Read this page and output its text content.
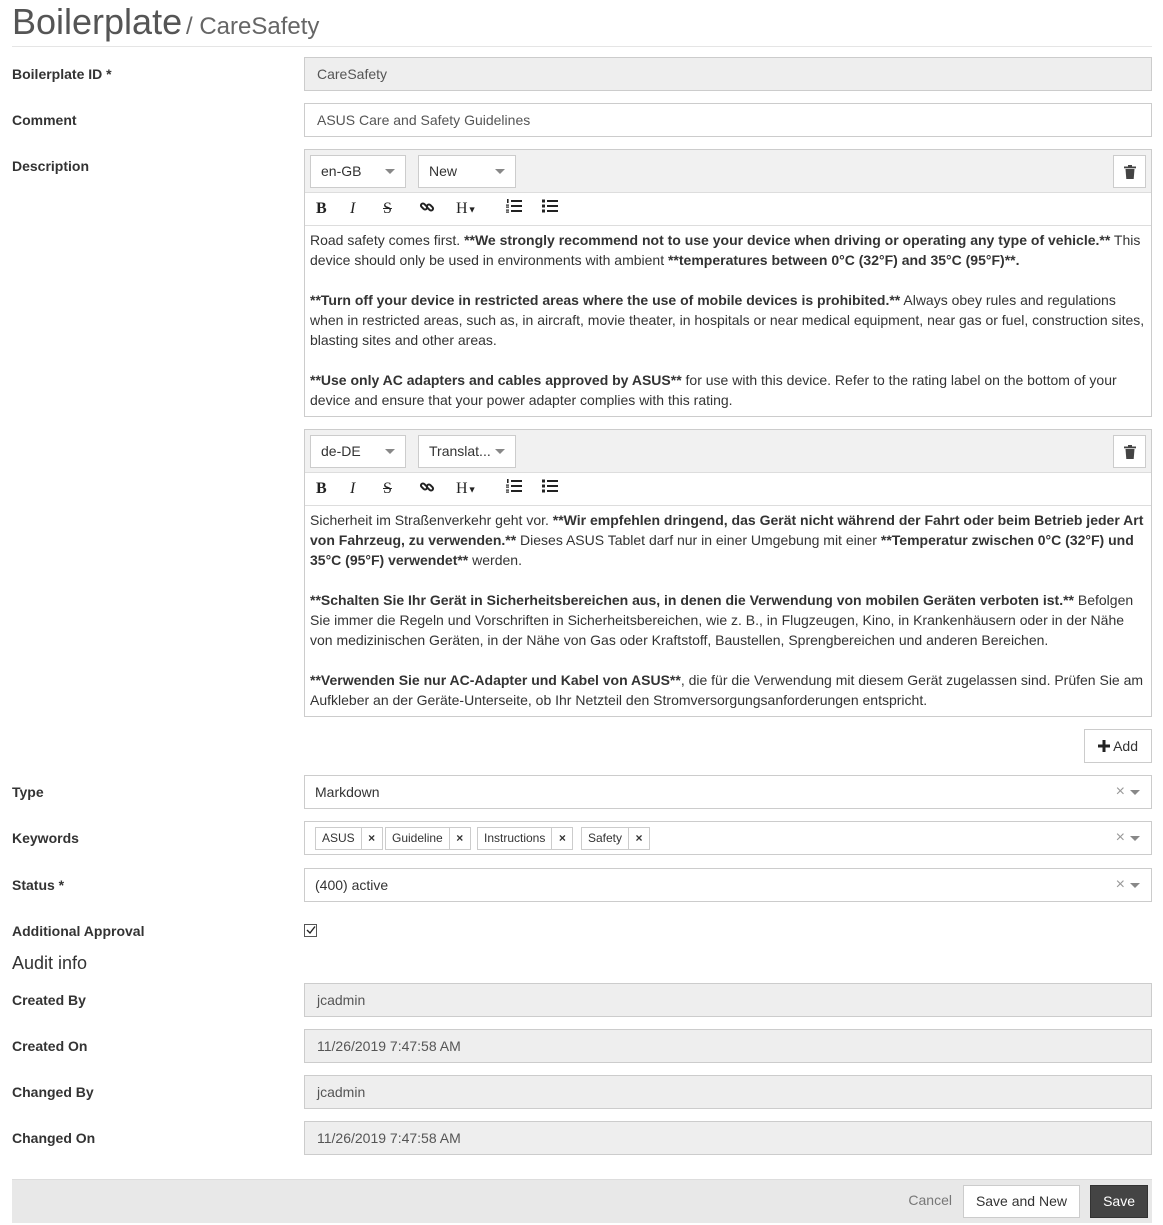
Boilerplate / CareSafety
Boilerplate ID *	CareSafety
Comment	ASUS Care and Safety Guidelines
Description	en-GB	New
B I S	H▼

Road safety comes first. **We strongly recommend not to use your device when driving or operating any type of vehicle.** This device should only be used in environments with ambient **temperatures between 0°C (32°F) and 35°C (95°F)**.

**Turn off your device in restricted areas where the use of mobile devices is prohibited.** Always obey rules and regulations when in restricted areas, such as, in aircraft, movie theater, in hospitals or near medical equipment, near gas or fuel, construction sites, blasting sites and other areas.

**Use only AC adapters and cables approved by ASUS** for use with this device. Refer to the rating label on the bottom of your device and ensure that your power adapter complies with this rating.

de-DE	Translat...
B I S	H▼

Sicherheit im Straßenverkehr geht vor. **Wir empfehlen dringend, das Gerät nicht während der Fahrt oder beim Betrieb jeder Art von Fahrzeug, zu verwenden.** Dieses ASUS Tablet darf nur in einer Umgebung mit einer **Temperatur zwischen 0°C (32°F) und 35°C (95°F) verwendet** werden.

**Schalten Sie Ihr Gerät in Sicherheitsbereichen aus, in denen die Verwendung von mobilen Geräten verboten ist.** Befolgen Sie immer die Regeln und Vorschriften in Sicherheitsbereichen, wie z. B., in Flugzeugen, Kino, in Krankenhäusern oder in der Nähe von medizinischen Geräten, in der Nähe von Gas oder Kraftstoff, Baustellen, Sprengbereichen und anderen Bereichen.

**Verwenden Sie nur AC-Adapter und Kabel von ASUS**, die für die Verwendung mit diesem Gerät zugelassen sind. Prüfen Sie am Aufkleber an der Geräte-Unterseite, ob Ihr Netzteil den Stromversorgungsanforderungen entspricht.

Add
Type	Markdown	×
Keywords	ASUS ×	Guideline ×	Instructions ×	Safety ×	×
Status *	(400) active	×
Additional Approval
Audit info
Created By	jcadmin
Created On	11/26/2019 7:47:58 AM
Changed By	jcadmin
Changed On	11/26/2019 7:47:58 AM
Cancel	Save and New	Save
